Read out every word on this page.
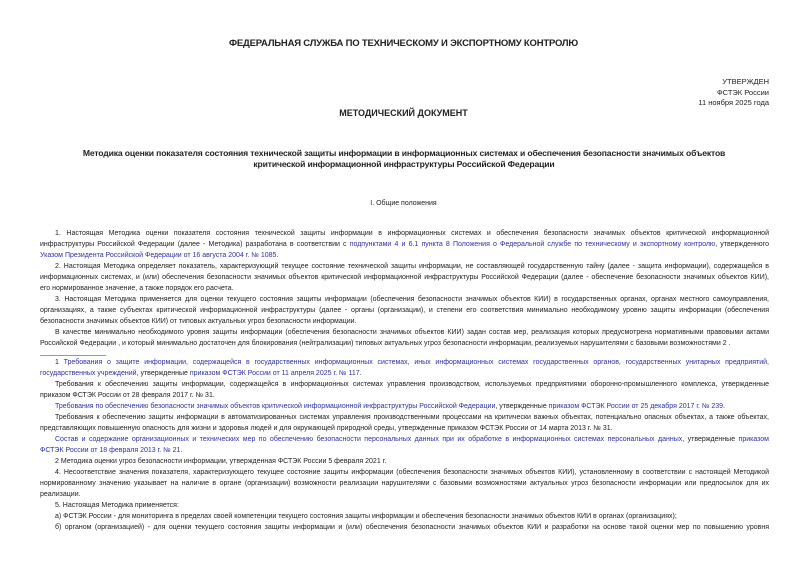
ФЕДЕРАЛЬНАЯ СЛУЖБА ПО ТЕХНИЧЕСКОМУ И ЭКСПОРТНОМУ КОНТРОЛЮ
УТВЕРЖДЕН
ФСТЭК России
11 ноября 2025 года
МЕТОДИЧЕСКИЙ ДОКУМЕНТ
Методика оценки показателя состояния технической защиты информации в информационных системах и обеспечения безопасности значимых объектов
критической информационной инфраструктуры Российской Федерации
I. Общие положения
1. Настоящая Методика оценки показателя состояния технической защиты информации в информационных системах и обеспечения безопасности значимых объектов критической информационной
инфраструктуры Российской Федерации (далее - Методика) разработана в соответствии с подпунктами 4 и 6.1 пункта 8 Положения о Федеральной службе по техническому и экспортному контролю, утвержденного
Указом Президента Российской Федерации от 16 августа 2004 г. № 1085.
2. Настоящая Методика определяет показатель, характеризующий текущее состояние технической защиты информации, не составляющей государственную тайну (далее - защита информации), содержащейся в
информационных системах, и (или) обеспечения безопасности значимых объектов критической информационной инфраструктуры Российской Федерации (далее - обеспечение безопасности значимых объектов КИИ),
его нормированное значение, а также порядок его расчета.
3. Настоящая Методика применяется для оценки текущего состояния защиты информации (обеспечения безопасности значимых объектов КИИ) в государственных органах, органах местного самоуправления,
организациях, а также субъектах критической информационной инфраструктуры (далее - органы (организации), и степени его соответствия минимально необходимому уровню защиты информации (обеспечения
безопасности значимых объектов КИИ) от типовых актуальных угроз безопасности информации.
В качестве минимально необходимого уровня защиты информации (обеспечения безопасности значимых объектов КИИ) задан состав мер, реализация которых предусмотрена нормативными правовыми актами
Российской Федерации , и который минимально достаточен для блокирования (нейтрализации) типовых актуальных угроз безопасности информации, реализуемых нарушителями с базовыми возможностями 2 .
1 Требования о защите информации, содержащейся в государственных информационных системах, иных информационных системах государственных органов, государственных унитарных предприятий,
государственных учреждений, утвержденные приказом ФСТЭК России от 11 апреля 2025 г. № 117.
Требования к обеспечению защиты информации, содержащейся в информационных системах управления производством, используемых предприятиями оборонно-промышленного комплекса, утвержденные
приказом ФСТЭК России от 28 февраля 2017 г. № 31.
Требования по обеспечению безопасности значимых объектов критической информационной инфраструктуры Российской Федерации, утвержденные приказом ФСТЭК России от 25 декабря 2017 г. № 239.
Требования к обеспечению защиты информации в автоматизированных системах управления производственными процессами на критически важных объектах, потенциально опасных объектах, а также объектах,
представляющих повышенную опасность для жизни и здоровья людей и для окружающей природной среды, утвержденные приказом ФСТЭК России от 14 марта 2013 г. № 31.
Состав и содержание организационных и технических мер по обеспечению безопасности персональных данных при их обработке в информационных системах персональных данных, утвержденные приказом
ФСТЭК России от 18 февраля 2013 г. № 21.
2 Методика оценки угроз безопасности информации, утвержденная ФСТЭК России 5 февраля 2021 г.
4. Несоответствие значения показателя, характеризующего текущее состояние защиты информации (обеспечения безопасности значимых объектов КИИ), установленному в соответствии с настоящей Методикой
нормированному значению указывает на наличие в органе (организации) возможности реализации нарушителями с базовыми возможностями актуальных угроз безопасности информации или предпосылок для их
реализации.
5. Настоящая Методика применяется:
а) ФСТЭК России - для мониторинга в пределах своей компетенции текущего состояния защиты информации и обеспечения безопасности значимых объектов КИИ в органах (организациях);
б) органом (организацией) - для оценки текущего состояния защиты информации и (или) обеспечения безопасности значимых объектов КИИ и разработки на основе такой оценки мер по повышению уровня
